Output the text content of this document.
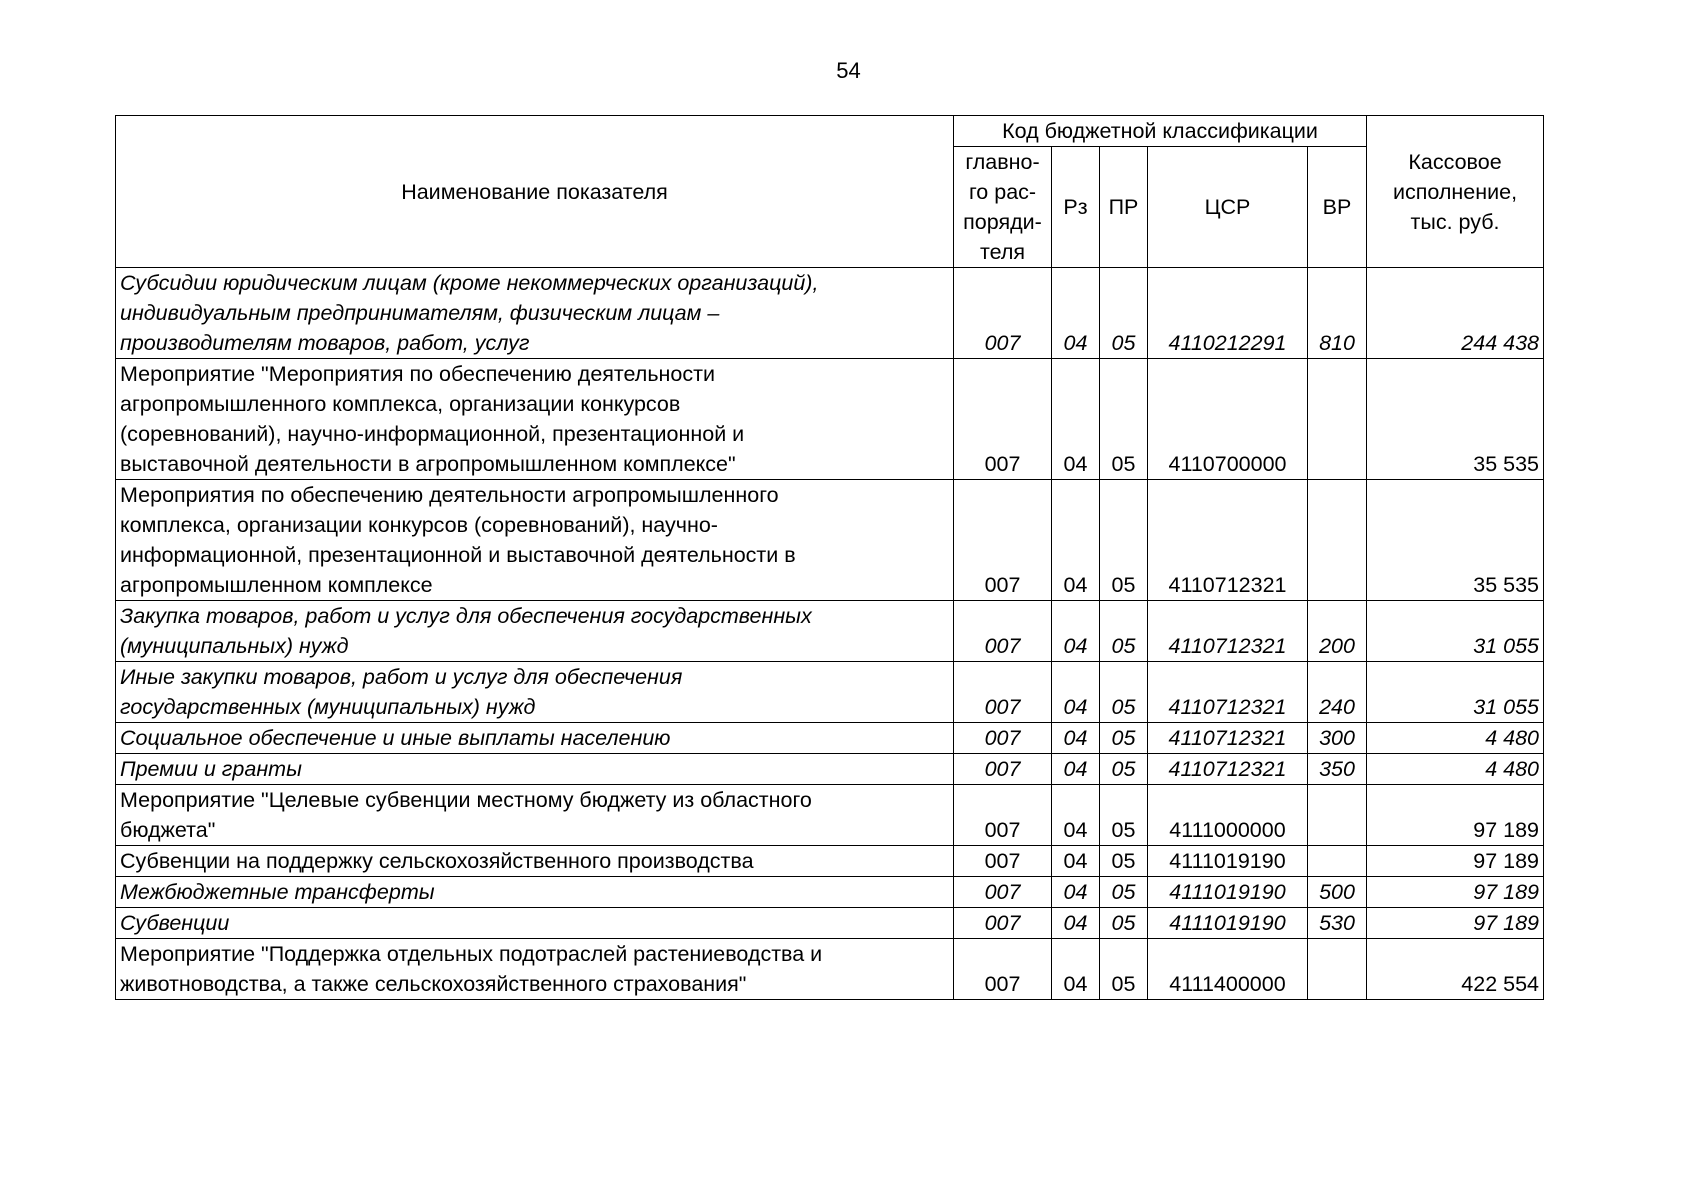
54
Наименование показателя	Код бюджетной классификации					Кассовое
исполнение,
тыс. руб.

	главно-
го рас-
поряди-
теля	Рз	ПР	ЦСР	ВР	

Субсидии юридическим лицам (кроме некоммерческих организаций),
индивидуальным предпринимателям, физическим лицам –
производителям товаров, работ, услуг	007	04	05	4110212291	810	244 438

Мероприятие "Мероприятия по обеспечению деятельности
агропромышленного комплекса, организации конкурсов
(соревнований), научно-информационной, презентационной и
выставочной деятельности в агропромышленном комплексе"	007	04	05	4110700000		35 535

Мероприятия по обеспечению деятельности агропромышленного
комплекса, организации конкурсов (соревнований), научно-
информационной, презентационной и выставочной деятельности в
агропромышленном комплексе	007	04	05	4110712321		35 535

Закупка товаров, работ и услуг для обеспечения государственных
(муниципальных) нужд	007	04	05	4110712321	200	31 055

Иные закупки товаров, работ и услуг для обеспечения
государственных (муниципальных) нужд	007	04	05	4110712321	240	31 055

Социальное обеспечение и иные выплаты населению	007	04	05	4110712321	300	4 480

Премии и гранты	007	04	05	4110712321	350	4 480

Мероприятие "Целевые субвенции местному бюджету из областного
бюджета"	007	04	05	4111000000		97 189

Субвенции на поддержку сельскохозяйственного производства	007	04	05	4111019190		97 189

Межбюджетные трансферты	007	04	05	4111019190	500	97 189

Субвенции	007	04	05	4111019190	530	97 189

Мероприятие "Поддержка отдельных подотраслей растениеводства и
животноводства, а также сельскохозяйственного страхования"	007	04	05	4111400000		422 554
